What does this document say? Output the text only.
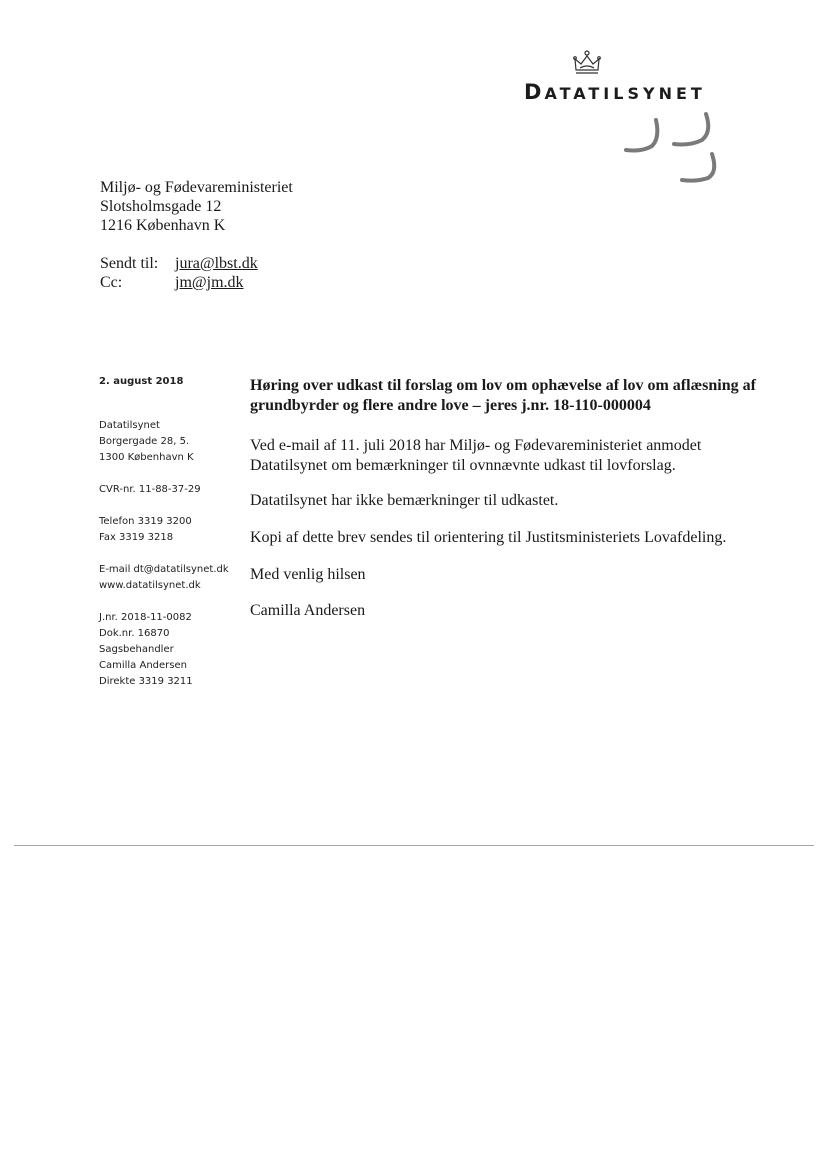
DATATILSYNET
Miljø- og Fødevareministeriet
Slotsholmsgade 12
1216 København K
Sendt til:	jura@lbst.dk
Cc:	jm@jm.dk
2. august 2018
Datatilsynet
Borgergade 28, 5.
1300 København K
CVR-nr. 11-88-37-29
Telefon 3319 3200
Fax 3319 3218
E-mail dt@datatilsynet.dk
www.datatilsynet.dk
J.nr. 2018-11-0082
Dok.nr. 16870
Sagsbehandler
Camilla Andersen
Direkte 3319 3211
Høring over udkast til forslag om lov om ophævelse af lov om aflæsning af grundbyrder og flere andre love – jeres j.nr. 18-110-000004
Ved e-mail af 11. juli 2018 har Miljø- og Fødevareministeriet anmodet Datatilsynet om bemærkninger til ovnnævnte udkast til lovforslag.
Datatilsynet har ikke bemærkninger til udkastet.
Kopi af dette brev sendes til orientering til Justitsministeriets Lovafdeling.
Med venlig hilsen
Camilla Andersen
